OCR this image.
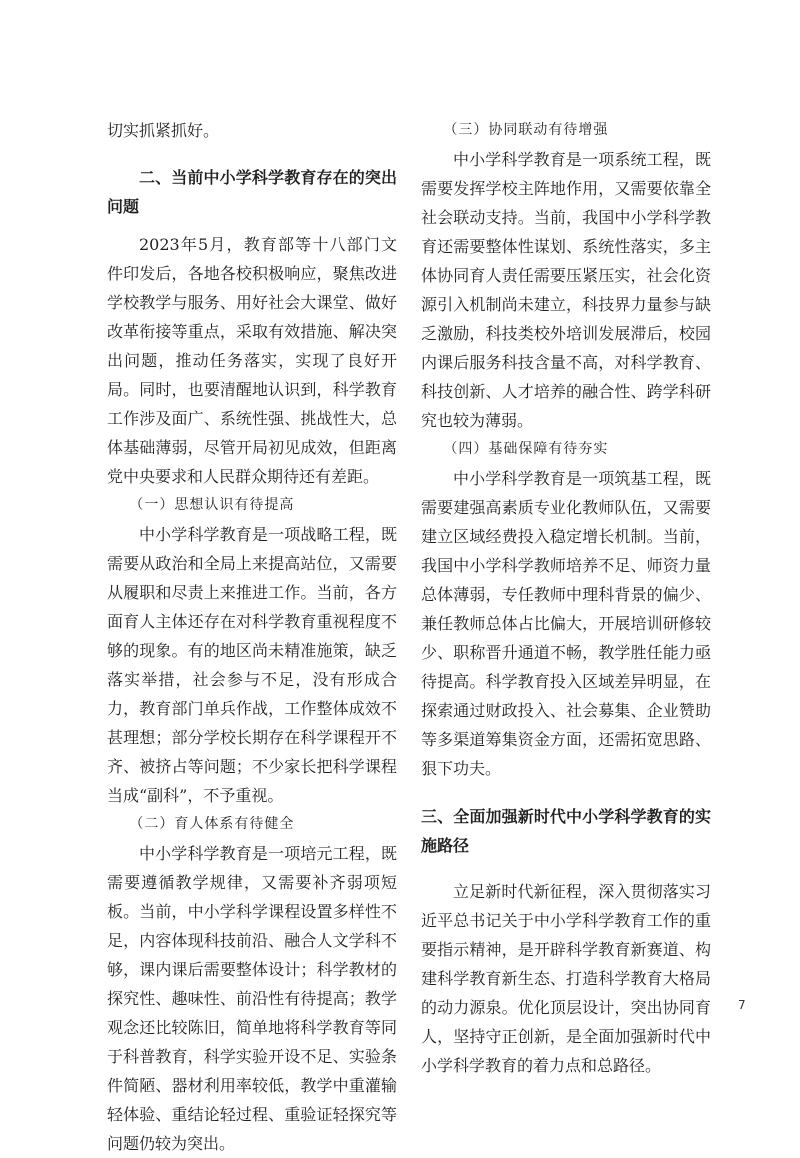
切实抓紧抓好。

二、当前中小学科学教育存在的突出问题

2023年5月，教育部等十八部门文件印发后，各地各校积极响应，聚焦改进学校教学与服务、用好社会大课堂、做好改革衔接等重点，采取有效措施、解决突出问题，推动任务落实，实现了良好开局。同时，也要清醒地认识到，科学教育工作涉及面广、系统性强、挑战性大，总体基础薄弱，尽管开局初见成效，但距离党中央要求和人民群众期待还有差距。

（一）思想认识有待提高

中小学科学教育是一项战略工程，既需要从政治和全局上来提高站位，又需要从履职和尽责上来推进工作。当前，各方面育人主体还存在对科学教育重视程度不够的现象。有的地区尚未精准施策，缺乏落实举措，社会参与不足，没有形成合力，教育部门单兵作战，工作整体成效不甚理想；部分学校长期存在科学课程开不齐、被挤占等问题；不少家长把科学课程当成“副科”，不予重视。

（二）育人体系有待健全

中小学科学教育是一项培元工程，既需要遵循教学规律，又需要补齐弱项短板。当前，中小学科学课程设置多样性不足，内容体现科技前沿、融合人文学科不够，课内课后需要整体设计；科学教材的探究性、趣味性、前沿性有待提高；教学观念还比较陈旧，简单地将科学教育等同于科普教育，科学实验开设不足、实验条件简陋、器材利用率较低，教学中重灌输轻体验、重结论轻过程、重验证轻探究等问题仍较为突出。

（三）协同联动有待增强

中小学科学教育是一项系统工程，既需要发挥学校主阵地作用，又需要依靠全社会联动支持。当前，我国中小学科学教育还需要整体性谋划、系统性落实，多主体协同育人责任需要压紧压实，社会化资源引入机制尚未建立，科技界力量参与缺乏激励，科技类校外培训发展滞后，校园内课后服务科技含量不高，对科学教育、科技创新、人才培养的融合性、跨学科研究也较为薄弱。

（四）基础保障有待夯实

中小学科学教育是一项筑基工程，既需要建强高素质专业化教师队伍，又需要建立区域经费投入稳定增长机制。当前，我国中小学科学教师培养不足、师资力量总体薄弱，专任教师中理科背景的偏少、兼任教师总体占比偏大，开展培训研修较少、职称晋升通道不畅，教学胜任能力亟待提高。科学教育投入区域差异明显，在探索通过财政投入、社会募集、企业赞助等多渠道筹集资金方面，还需拓宽思路、狠下功夫。

三、全面加强新时代中小学科学教育的实施路径

立足新时代新征程，深入贯彻落实习近平总书记关于中小学科学教育工作的重要指示精神，是开辟科学教育新赛道、构建科学教育新生态、打造科学教育大格局的动力源泉。优化顶层设计，突出协同育人，坚持守正创新，是全面加强新时代中小学科学教育的着力点和总路径。

7
